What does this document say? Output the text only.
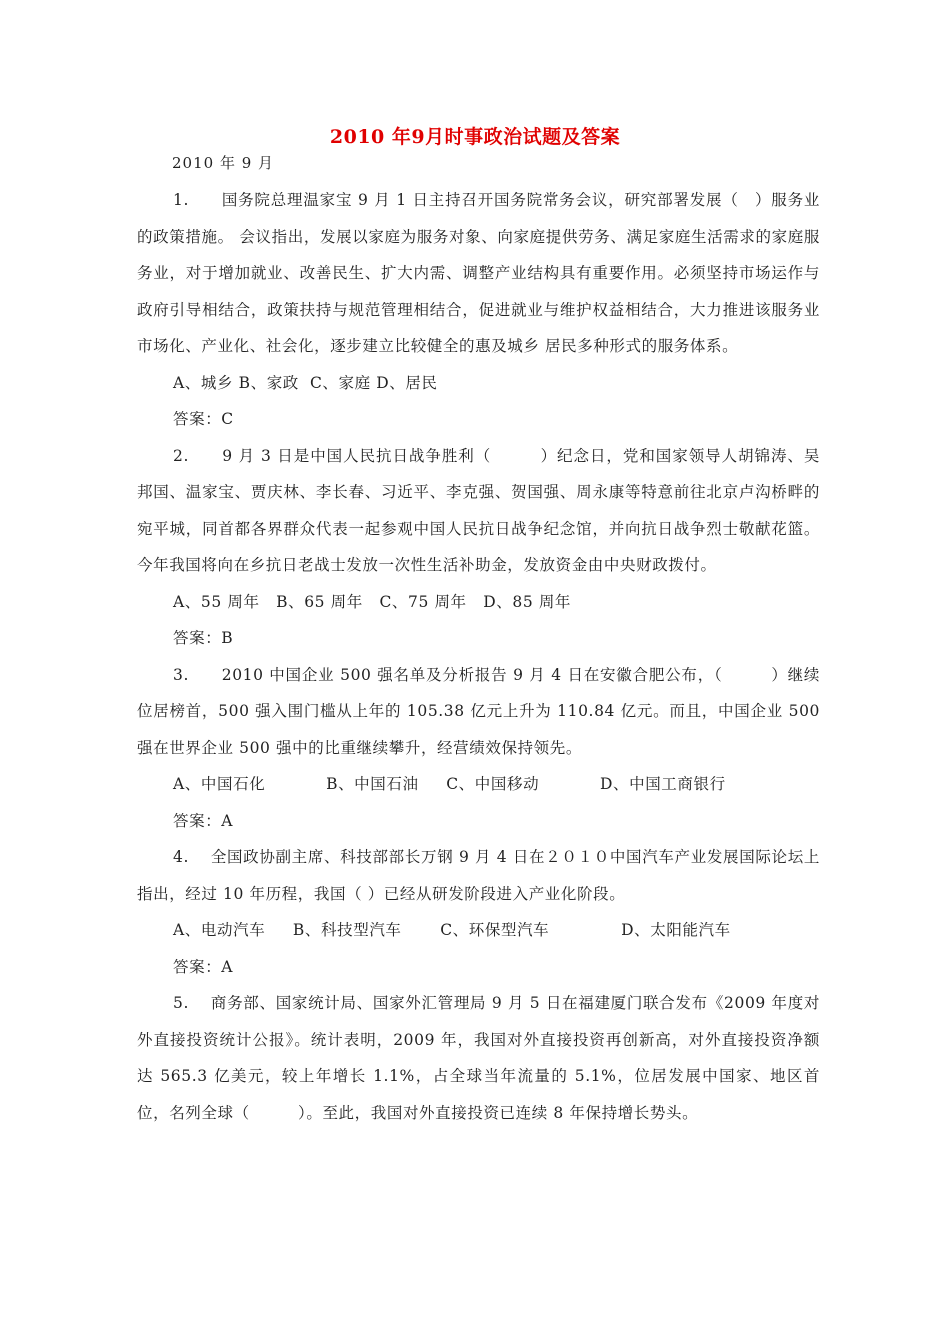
2010 年9月时事政治试题及答案
2010 年 9 月

1.　　国务院总理温家宝 9 月 1 日主持召开国务院常务会议，研究部署发展（　）服务业的政策措施。 会议指出，发展以家庭为服务对象、向家庭提供劳务、满足家庭生活需求的家庭服务业，对于增加就业、改善民生、扩大内需、调整产业结构具有重要作用。必须坚持市场运作与政府引导相结合，政策扶持与规范管理相结合，促进就业与维护权益相结合，大力推进该服务业市场化、产业化、社会化，逐步建立比较健全的惠及城乡 居民多种形式的服务体系。

A、城乡 B、家政  C、家庭 D、居民

答案：C

2.　　9 月 3 日是中国人民抗日战争胜利（　　　）纪念日，党和国家领导人胡锦涛、吴邦国、温家宝、贾庆林、李长春、习近平、李克强、贺国强、周永康等特意前往北京卢沟桥畔的宛平城，同首都各界群众代表一起参观中国人民抗日战争纪念馆，并向抗日战争烈士敬献花篮。今年我国将向在乡抗日老战士发放一次性生活补助金，发放资金由中央财政拨付。

A、55 周年   B、65 周年   C、75 周年   D、85 周年

答案：B

3.　　2010 中国企业 500 强名单及分析报告 9 月 4 日在安徽合肥公布，（　　　）继续位居榜首，500 强入围门槛从上年的 105.38 亿元上升为 110.84 亿元。而且，中国企业 500 强在世界企业 500 强中的比重继续攀升，经营绩效保持领先。

A、中国石化           B、中国石油     C、中国移动           D、中国工商银行

答案：A

4.　 全国政协副主席、科技部部长万钢 9 月 4 日在２０１０中国汽车产业发展国际论坛上指出，经过 10 年历程，我国（ ）已经从研发阶段进入产业化阶段。

A、电动汽车     B、科技型汽车       C、环保型汽车             D、太阳能汽车

答案：A

5.　 商务部、国家统计局、国家外汇管理局 9 月 5 日在福建厦门联合发布《2009 年度对外直接投资统计公报》。统计表明，2009 年，我国对外直接投资再创新高，对外直接投资净额达 565.3 亿美元，较上年增长 1.1%，占全球当年流量的 5.1%，位居发展中国家、地区首位，名列全球（　　　）。至此，我国对外直接投资已连续 8 年保持增长势头。
